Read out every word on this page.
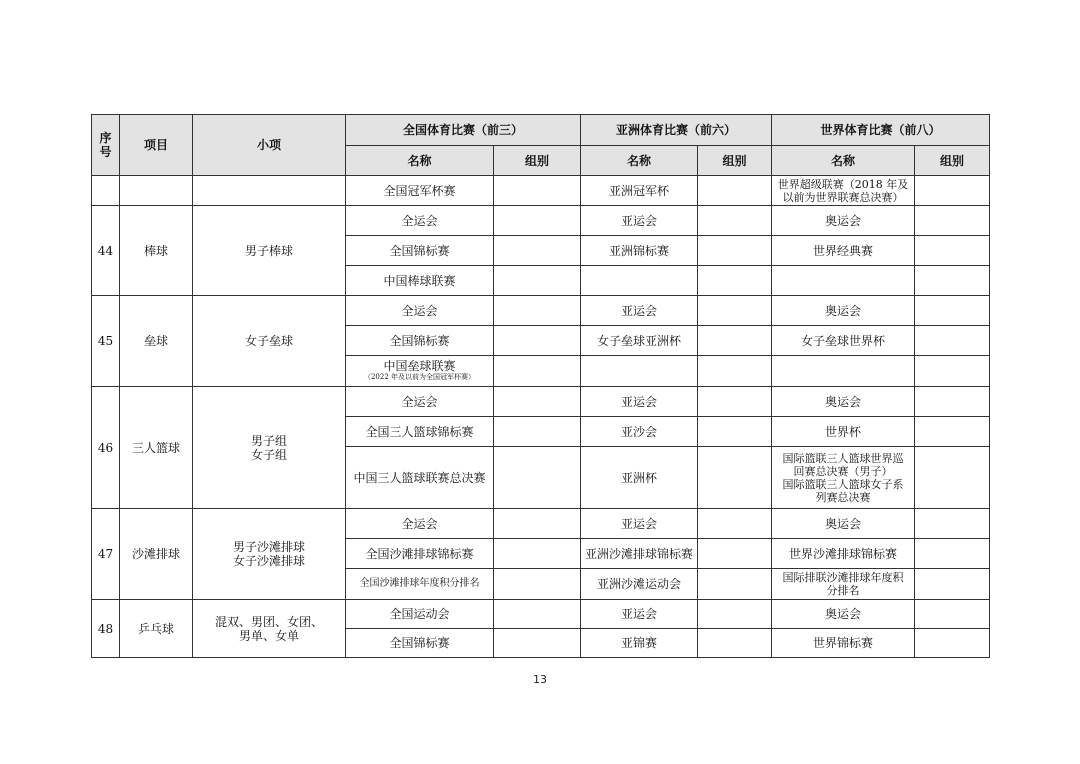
序号	项目	小项	全国体育比赛（前三）		亚洲体育比赛（前六）		世界体育比赛（前八）	
			名称	组别	名称	组别	名称	组别
			全国冠军杯赛		亚洲冠军杯		世界超级联赛（2018 年及
以前为世界联赛总决赛）	

44	棒球	男子棒球	全运会		亚运会		奥运会	
			全国锦标赛		亚洲锦标赛		世界经典赛	
			中国棒球联赛					
45	垒球	女子垒球	全运会		亚运会		奥运会	
			全国锦标赛		女子垒球亚洲杯		女子垒球世界杯	

			中国垒球联赛
（2022 年及以前为全国冠军杯赛）					

46	三人篮球	男子组
女子组	全运会		亚运会		奥运会	
			全国三人篮球锦标赛		亚沙会		世界杯	
			中国三人篮球联赛总决赛		亚洲杯		国际篮联三人篮球世界巡
回赛总决赛（男子）
国际篮联三人篮球女子系
列赛总决赛	

47	沙滩排球	男子沙滩排球
女子沙滩排球	全运会		亚运会		奥运会	
			全国沙滩排球锦标赛		亚洲沙滩排球锦标赛		世界沙滩排球锦标赛	
			全国沙滩排球年度积分排名		亚洲沙滩运动会		国际排联沙滩排球年度积
分排名	

48	乒乓球	混双、男团、女团、
男单、女单	全国运动会		亚运会		奥运会	
			全国锦标赛		亚锦赛		世界锦标赛	
13
